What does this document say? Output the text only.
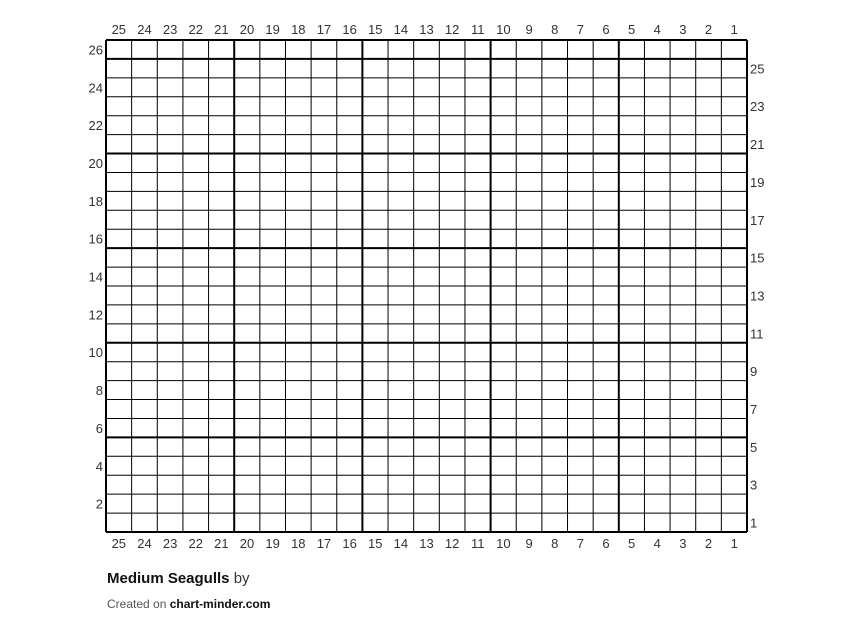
25
25
24
24
23
23
22
22
21
21
20
20
19
19
18
18
17
17
16
16
15
15
14
14
13
13
12
12
11
11
10
10
9
9
8
8
7
7
6
6
5
5
4
4
3
3
2
2
1
1
1
2
3
4
5
6
7
8
9
10
11
12
13
14
15
16
17
18
19
20
21
22
23
24
25
26
Medium Seagulls by
Created on chart-minder.com
